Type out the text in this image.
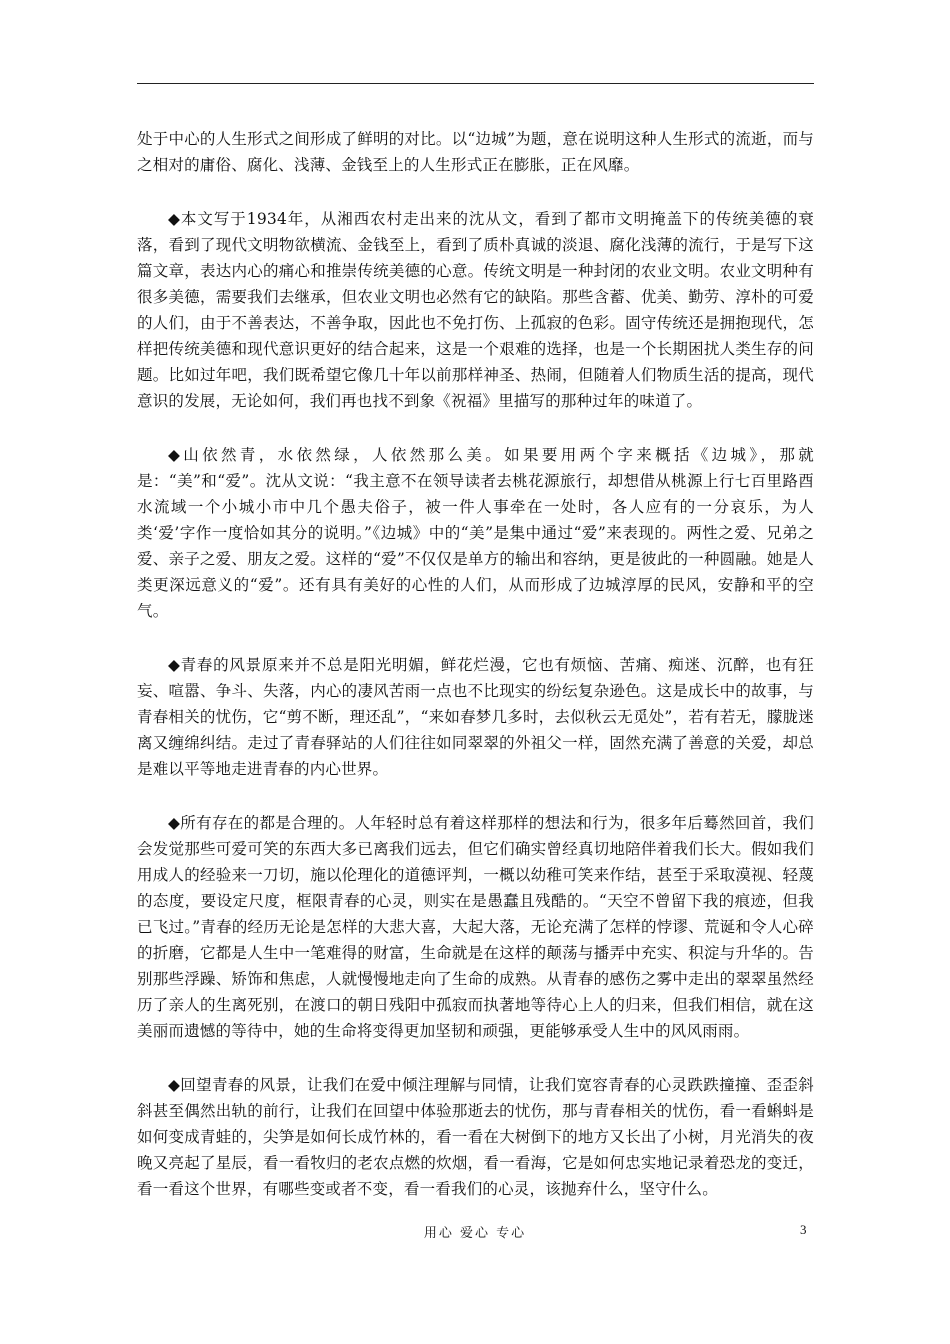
处于中心的人生形式之间形成了鲜明的对比。以“边城”为题，意在说明这种人生形式的流逝，而与之相对的庸俗、腐化、浅薄、金钱至上的人生形式正在膨胀，正在风靡。

◆本文写于1934年，从湘西农村走出来的沈从文，看到了都市文明掩盖下的传统美德的衰落，看到了现代文明物欲横流、金钱至上，看到了质朴真诚的淡退、腐化浅薄的流行，于是写下这篇文章，表达内心的痛心和推崇传统美德的心意。传统文明是一种封闭的农业文明。农业文明种有很多美德，需要我们去继承，但农业文明也必然有它的缺陷。那些含蓄、优美、勤劳、淳朴的可爱的人们，由于不善表达，不善争取，因此也不免打伤、上孤寂的色彩。固守传统还是拥抱现代，怎样把传统美德和现代意识更好的结合起来，这是一个艰难的选择，也是一个长期困扰人类生存的问题。比如过年吧，我们既希望它像几十年以前那样神圣、热闹，但随着人们物质生活的提高，现代意识的发展，无论如何，我们再也找不到象《祝福》里描写的那种过年的味道了。

◆山依然青，水依然绿，人依然那么美。如果要用两个字来概括《边城》，那就是：“美”和“爱”。沈从文说：“我主意不在领导读者去桃花源旅行，却想借从桃源上行七百里路酉水流域一个小城小市中几个愚夫俗子，被一件人事牵在一处时，各人应有的一分哀乐，为人类‘爱’字作一度恰如其分的说明。”《边城》中的“美”是集中通过“爱”来表现的。两性之爱、兄弟之爱、亲子之爱、朋友之爱。这样的“爱”不仅仅是单方的输出和容纳，更是彼此的一种圆融。她是人类更深远意义的“爱”。还有具有美好的心性的人们，从而形成了边城淳厚的民风，安静和平的空气。

◆青春的风景原来并不总是阳光明媚，鲜花烂漫，它也有烦恼、苦痛、痴迷、沉醉，也有狂妄、喧嚣、争斗、失落，内心的凄风苦雨一点也不比现实的纷纭复杂逊色。这是成长中的故事，与青春相关的忧伤，它“剪不断，理还乱”，“来如春梦几多时，去似秋云无觅处”，若有若无，朦胧迷离又缠绵纠结。走过了青春驿站的人们往往如同翠翠的外祖父一样，固然充满了善意的关爱，却总是难以平等地走进青春的内心世界。

◆所有存在的都是合理的。人年轻时总有着这样那样的想法和行为，很多年后蓦然回首，我们会发觉那些可爱可笑的东西大多已离我们远去，但它们确实曾经真切地陪伴着我们长大。假如我们用成人的经验来一刀切，施以伦理化的道德评判，一概以幼稚可笑来作结，甚至于采取漠视、轻蔑的态度，要设定尺度，框限青春的心灵，则实在是愚蠢且残酷的。“天空不曾留下我的痕迹，但我已飞过。”青春的经历无论是怎样的大悲大喜，大起大落，无论充满了怎样的悖谬、荒诞和令人心碎的折磨，它都是人生中一笔难得的财富，生命就是在这样的颠荡与播弄中充实、积淀与升华的。告别那些浮躁、矫饰和焦虑，人就慢慢地走向了生命的成熟。从青春的感伤之雾中走出的翠翠虽然经历了亲人的生离死别，在渡口的朝日残阳中孤寂而执著地等待心上人的归来，但我们相信，就在这美丽而遗憾的等待中，她的生命将变得更加坚韧和顽强，更能够承受人生中的风风雨雨。

◆回望青春的风景，让我们在爱中倾注理解与同情，让我们宽容青春的心灵跌跌撞撞、歪歪斜斜甚至偶然出轨的前行，让我们在回望中体验那逝去的忧伤，那与青春相关的忧伤，看一看蝌蚪是如何变成青蛙的，尖笋是如何长成竹林的，看一看在大树倒下的地方又长出了小树，月光消失的夜晚又亮起了星辰，看一看牧归的老农点燃的炊烟，看一看海，它是如何忠实地记录着恐龙的变迁，看一看这个世界，有哪些变或者不变，看一看我们的心灵，该抛弃什么，坚守什么。

用心 爱心 专心	3
